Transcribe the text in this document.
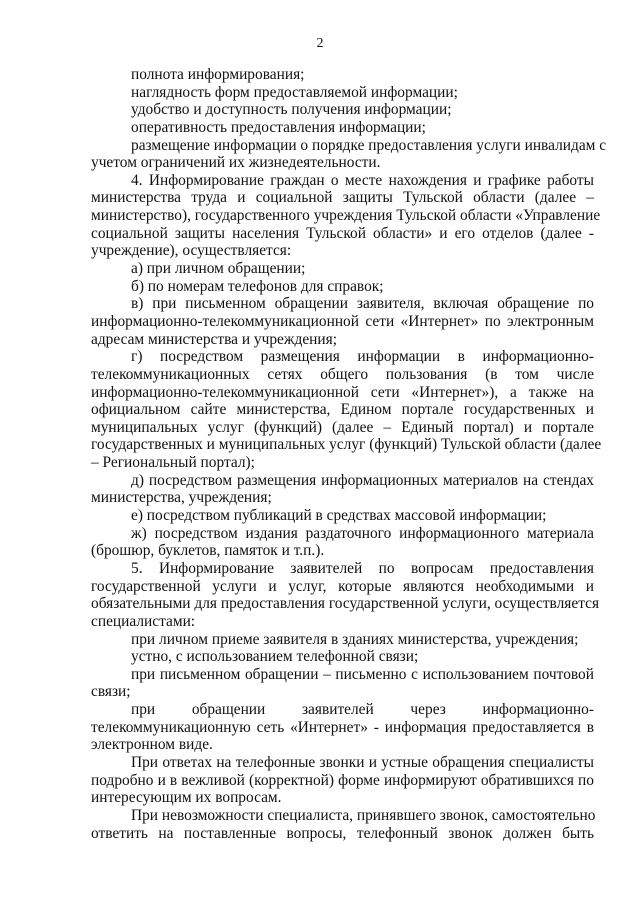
2
полнота информирования;
наглядность форм предоставляемой информации;
удобство и доступность получения информации;
оперативность предоставления информации;
размещение информации о порядке предоставления услуги инвалидам с
учетом ограничений их жизнедеятельности.
4. Информирование граждан о месте нахождения и графике работы
министерства труда и социальной защиты Тульской области (далее –
министерство), государственного учреждения Тульской области «Управление
социальной защиты населения Тульской области» и его отделов (далее -
учреждение), осуществляется:
а) при личном обращении;
б) по номерам телефонов для справок;
в) при письменном обращении заявителя, включая обращение по
информационно-телекоммуникационной сети «Интернет» по электронным
адресам министерства и учреждения;
г) посредством размещения информации в информационно-
телекоммуникационных сетях общего пользования (в том числе
информационно-телекоммуникационной сети «Интернет»), а также на
официальном сайте министерства, Едином портале государственных и
муниципальных услуг (функций) (далее – Единый портал) и портале
государственных и муниципальных услуг (функций) Тульской области (далее
– Региональный портал);
д) посредством размещения информационных материалов на стендах
министерства, учреждения;
е) посредством публикаций в средствах массовой информации;
ж) посредством издания раздаточного информационного материала
(брошюр, буклетов, памяток и т.п.).
5. Информирование заявителей по вопросам предоставления
государственной услуги и услуг, которые являются необходимыми и
обязательными для предоставления государственной услуги, осуществляется
специалистами:
при личном приеме заявителя в зданиях министерства, учреждения;
устно, с использованием телефонной связи;
при письменном обращении – письменно с использованием почтовой
связи;
при обращении заявителей через информационно-
телекоммуникационную сеть «Интернет» - информация предоставляется в
электронном виде.
При ответах на телефонные звонки и устные обращения специалисты
подробно и в вежливой (корректной) форме информируют обратившихся по
интересующим их вопросам.
При невозможности специалиста, принявшего звонок, самостоятельно
ответить на поставленные вопросы, телефонный звонок должен быть
